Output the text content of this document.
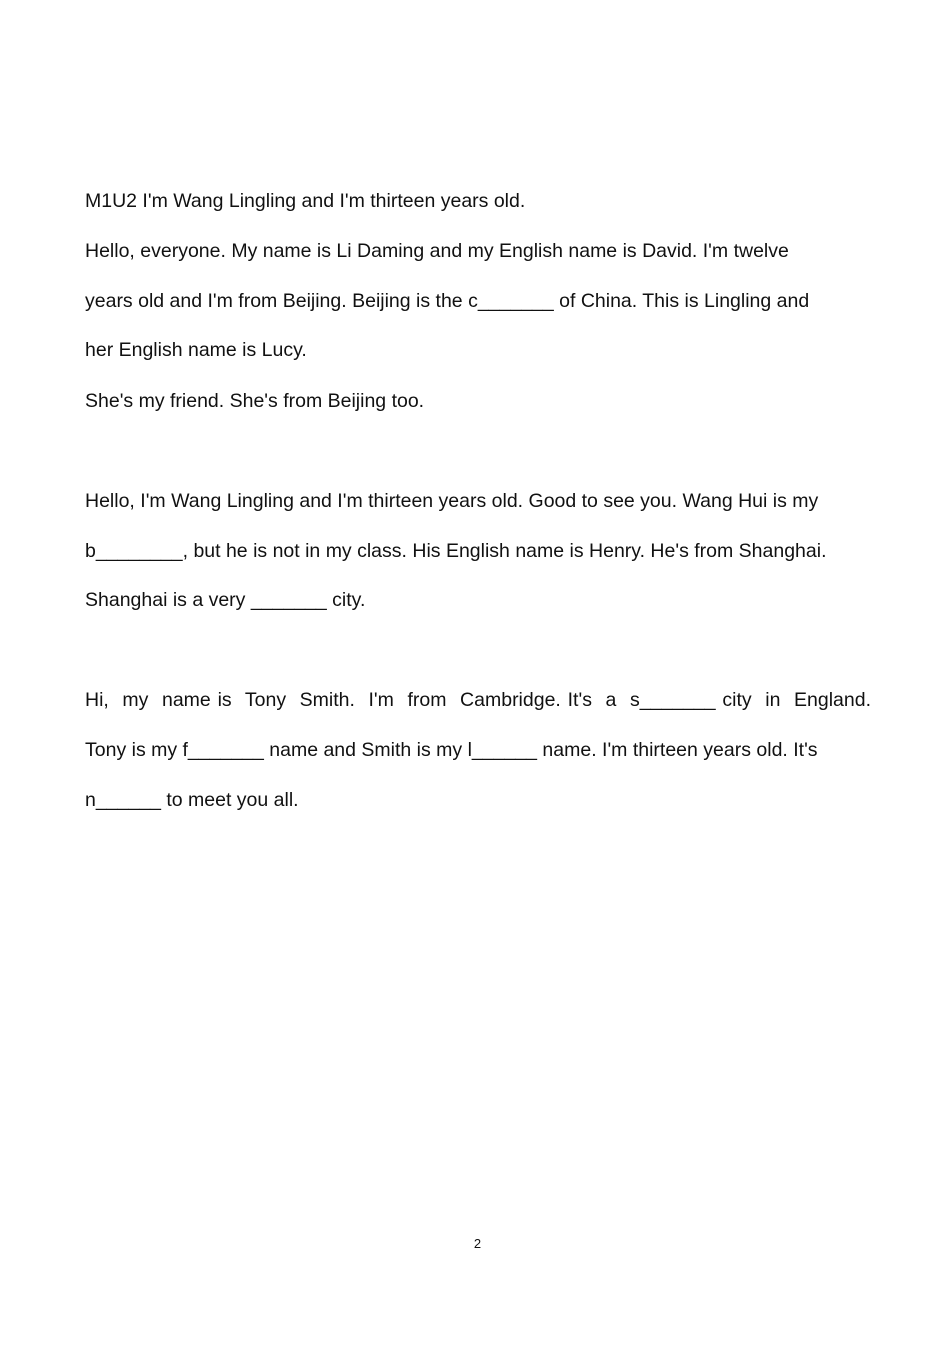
M1U2 I'm Wang Lingling and I'm thirteen years old.

Hello, everyone. My name is Li Daming and my English name is David. I'm twelve

years old and I'm from Beijing. Beijing is the c_______ of China. This is Lingling and

her English name is Lucy.

She's my friend. She's from Beijing too.

Hello, I'm Wang Lingling and I'm thirteen years old. Good to see you. Wang Hui is my

b________, but he is not in my class. His English name is Henry. He's from Shanghai.

Shanghai is a very _______ city.

Hi,  my  name is  Tony  Smith.  I'm  from  Cambridge. It's  a  s_______ city  in  England.

Tony is my f_______ name and Smith is my l______ name. I'm thirteen years old. It's

n______ to meet you all.

2
